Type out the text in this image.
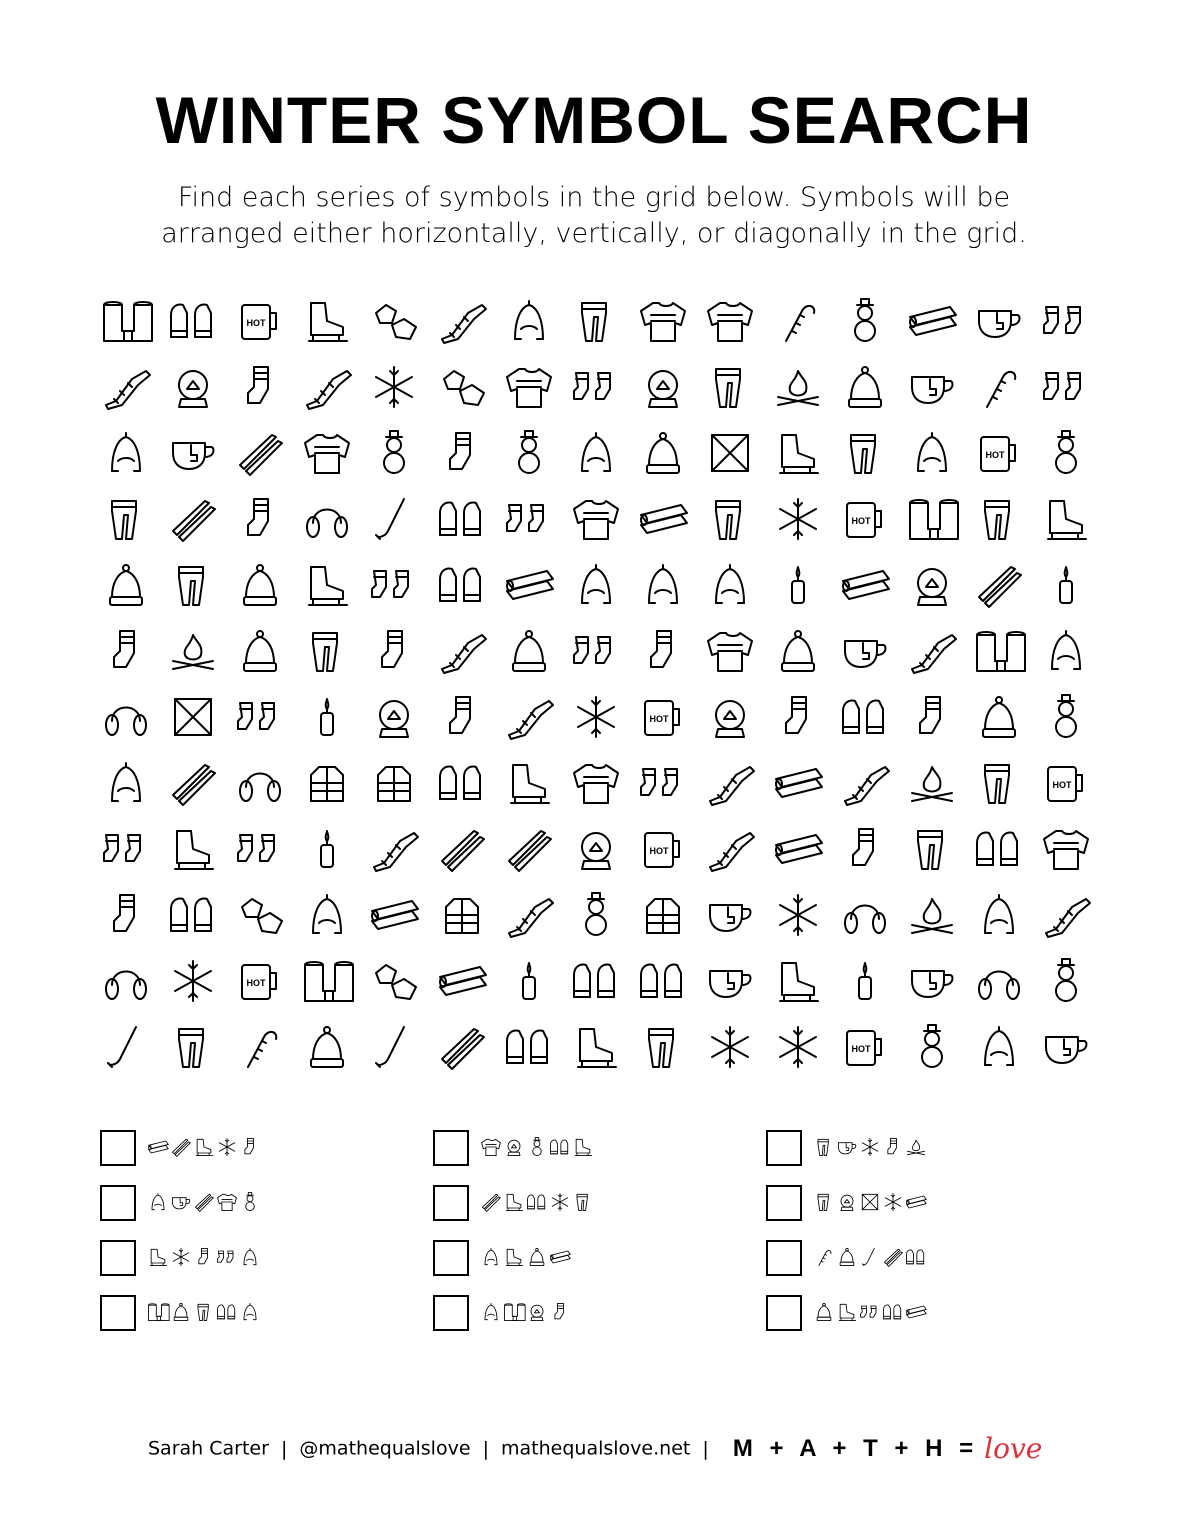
WINTER SYMBOL SEARCH
Find each series of symbols in the grid below. Symbols will be
arranged either horizontally, vertically, or diagonally in the grid.
HOT
HOT
HOT
HOT
HOT
HOT
HOT
HOT
Sarah Carter | @mathequalslove | mathequalslove.net | M + A + T + H = love
